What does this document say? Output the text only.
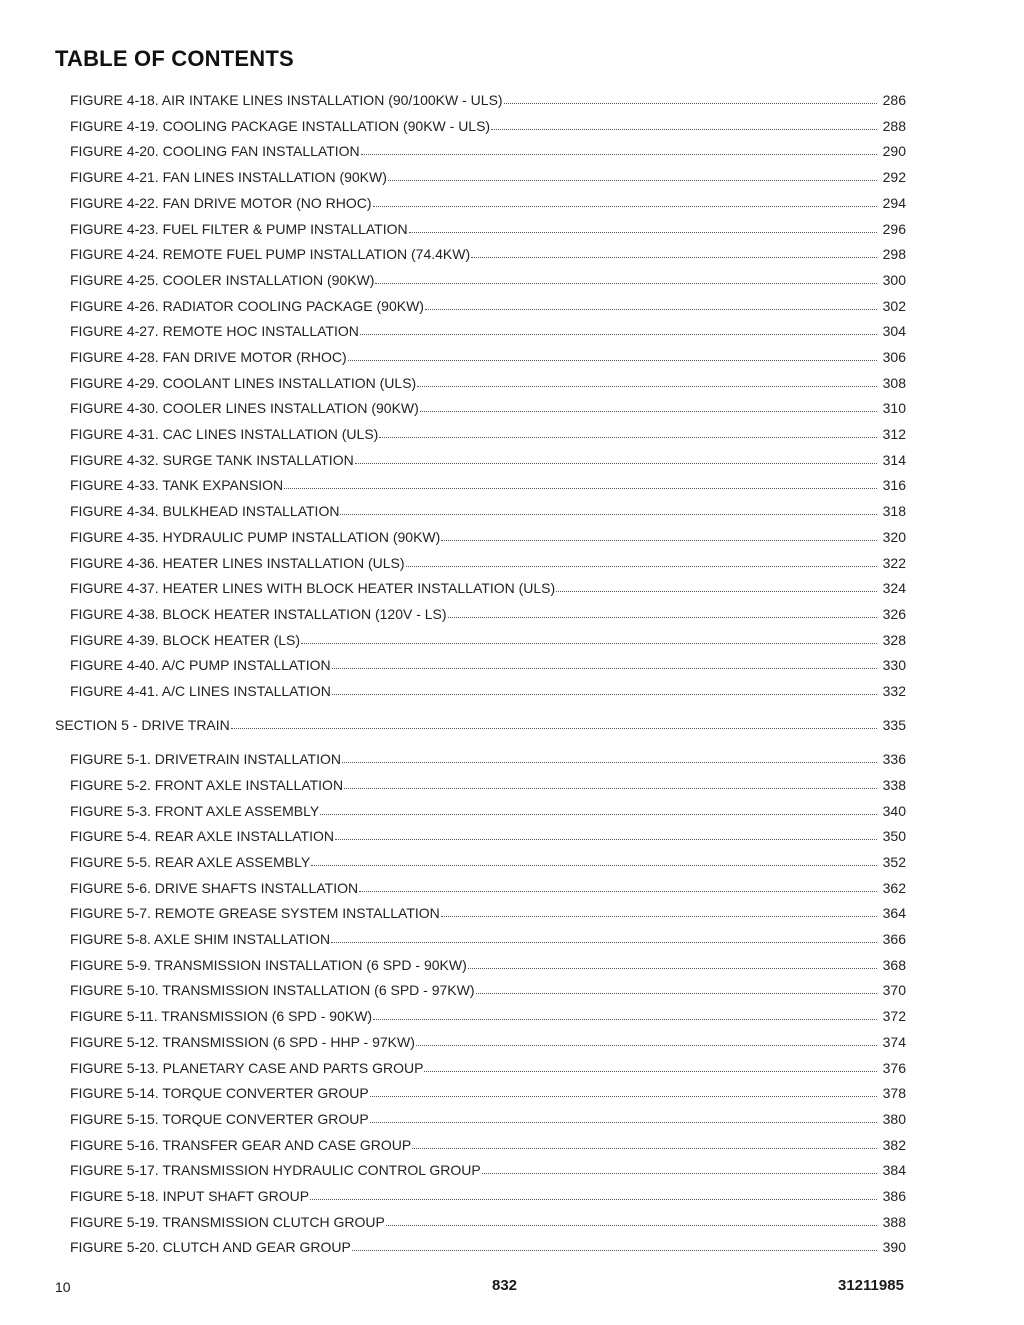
TABLE OF CONTENTS
FIGURE 4-18. AIR INTAKE LINES INSTALLATION (90/100KW - ULS)	286
FIGURE 4-19. COOLING PACKAGE INSTALLATION (90KW - ULS)	288
FIGURE 4-20. COOLING FAN INSTALLATION	290
FIGURE 4-21. FAN LINES INSTALLATION (90KW)	292
FIGURE 4-22. FAN DRIVE MOTOR (NO RHOC)	294
FIGURE 4-23. FUEL FILTER & PUMP INSTALLATION	296
FIGURE 4-24. REMOTE FUEL PUMP INSTALLATION (74.4KW)	298
FIGURE 4-25. COOLER INSTALLATION (90KW)	300
FIGURE 4-26. RADIATOR COOLING PACKAGE (90KW)	302
FIGURE 4-27. REMOTE HOC INSTALLATION	304
FIGURE 4-28. FAN DRIVE MOTOR (RHOC)	306
FIGURE 4-29. COOLANT LINES INSTALLATION (ULS)	308
FIGURE 4-30. COOLER LINES INSTALLATION (90KW)	310
FIGURE 4-31. CAC LINES INSTALLATION (ULS)	312
FIGURE 4-32. SURGE TANK INSTALLATION	314
FIGURE 4-33. TANK EXPANSION	316
FIGURE 4-34. BULKHEAD INSTALLATION	318
FIGURE 4-35. HYDRAULIC PUMP INSTALLATION (90KW)	320
FIGURE 4-36. HEATER LINES INSTALLATION (ULS)	322
FIGURE 4-37. HEATER LINES WITH BLOCK HEATER INSTALLATION (ULS)	324
FIGURE 4-38. BLOCK HEATER INSTALLATION (120V - LS)	326
FIGURE 4-39. BLOCK HEATER (LS)	328
FIGURE 4-40. A/C PUMP INSTALLATION	330
FIGURE 4-41. A/C LINES INSTALLATION	332
SECTION 5 - DRIVE TRAIN	335
FIGURE 5-1. DRIVETRAIN INSTALLATION	336
FIGURE 5-2. FRONT AXLE INSTALLATION	338
FIGURE 5-3. FRONT AXLE ASSEMBLY	340
FIGURE 5-4. REAR AXLE INSTALLATION	350
FIGURE 5-5. REAR AXLE ASSEMBLY	352
FIGURE 5-6. DRIVE SHAFTS INSTALLATION	362
FIGURE 5-7. REMOTE GREASE SYSTEM INSTALLATION	364
FIGURE 5-8. AXLE SHIM INSTALLATION	366
FIGURE 5-9. TRANSMISSION INSTALLATION (6 SPD - 90KW)	368
FIGURE 5-10. TRANSMISSION INSTALLATION (6 SPD - 97KW)	370
FIGURE 5-11. TRANSMISSION (6 SPD - 90KW)	372
FIGURE 5-12. TRANSMISSION (6 SPD - HHP - 97KW)	374
FIGURE 5-13. PLANETARY CASE AND PARTS GROUP	376
FIGURE 5-14. TORQUE CONVERTER GROUP	378
FIGURE 5-15. TORQUE CONVERTER GROUP	380
FIGURE 5-16. TRANSFER GEAR AND CASE GROUP	382
FIGURE 5-17. TRANSMISSION HYDRAULIC CONTROL GROUP	384
FIGURE 5-18. INPUT SHAFT GROUP	386
FIGURE 5-19. TRANSMISSION CLUTCH GROUP	388
FIGURE 5-20. CLUTCH AND GEAR GROUP	390
10	832	31211985
